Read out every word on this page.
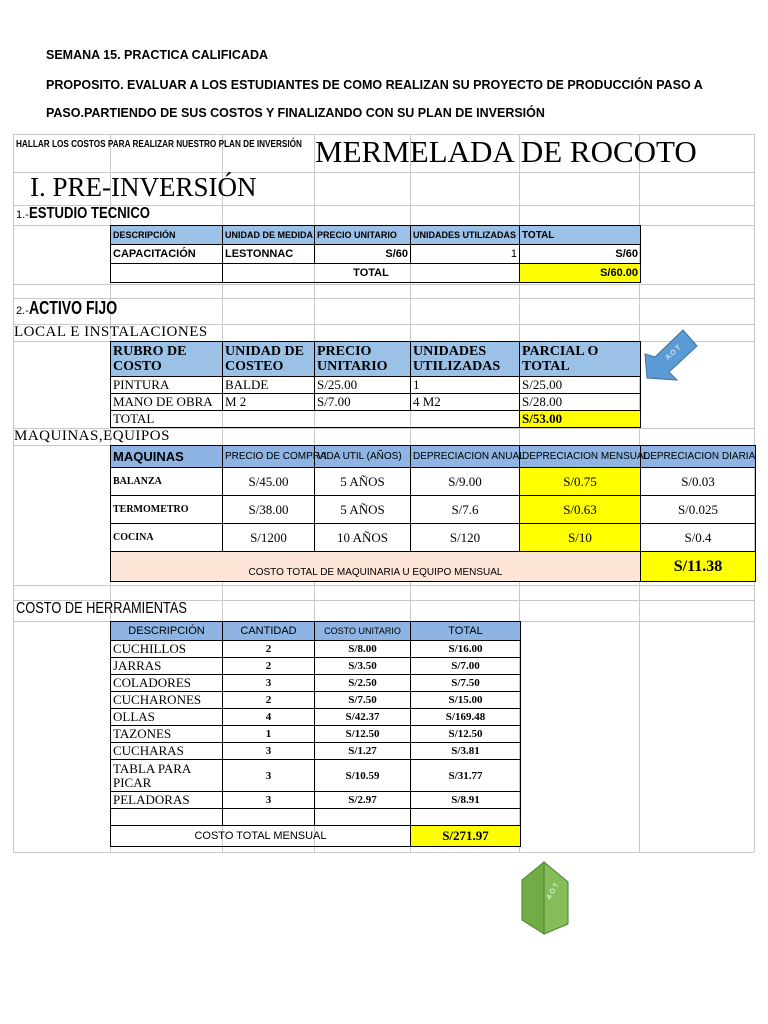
SEMANA 15. PRACTICA CALIFICADA
PROPOSITO. EVALUAR A LOS ESTUDIANTES DE COMO REALIZAN SU PROYECTO DE PRODUCCIÓN PASO A
PASO.PARTIENDO DE SUS COSTOS Y FINALIZANDO CON SU PLAN DE INVERSIÓN
HALLAR LOS COSTOS PARA REALIZAR NUESTRO PLAN DE INVERSIÓN MERMELADA DE ROCOTO
I. PRE-INVERSIÓN
1.-ESTUDIO TECNICO
DESCRIPCIÓN	UNIDAD DE MEDIDA	PRECIO UNITARIO	UNIDADES UTILIZADAS	TOTAL
CAPACITACIÓN	LESTONNAC	S/60	1	S/60
	TOTAL			S/60.00
2.-ACTIVO FIJO
LOCAL E INSTALACIONES
RUBRO DE COSTO	UNIDAD DE COSTEO	PRECIO UNITARIO	UNIDADES UTILIZADAS	PARCIAL O TOTAL
PINTURA	BALDE	S/25.00	1	S/25.00
MANO DE OBRA	M 2	S/7.00	4 M2	S/28.00
TOTAL				S/53.00
A O T
MAQUINAS,EQUIPOS
MAQUINAS	PRECIO DE COMPRA	VIDA UTIL (AÑOS)	DEPRECIACION ANUAL	DEPRECIACION MENSUAL	DEPRECIACION DIARIA
BALANZA	S/45.00	5 AÑOS	S/9.00	S/0.75	S/0.03
TERMOMETRO	S/38.00	5 AÑOS	S/7.6	S/0.63	S/0.025
COCINA	S/1200	10 AÑOS	S/120	S/10	S/0.4
COSTO TOTAL DE MAQUINARIA U EQUIPO MENSUAL					S/11.38
COSTO DE HERRAMIENTAS
DESCRIPCIÓN	CANTIDAD	COSTO UNITARIO	TOTAL
CUCHILLOS	2	S/8.00	S/16.00
JARRAS	2	S/3.50	S/7.00
COLADORES	3	S/2.50	S/7.50
CUCHARONES	2	S/7.50	S/15.00
OLLAS	4	S/42.37	S/169.48
TAZONES	1	S/12.50	S/12.50
CUCHARAS	3	S/1.27	S/3.81
TABLA PARA PICAR	3	S/10.59	S/31.77
PELADORAS	3	S/2.97	S/8.91

COSTO TOTAL MENSUAL			S/271.97
A O T
